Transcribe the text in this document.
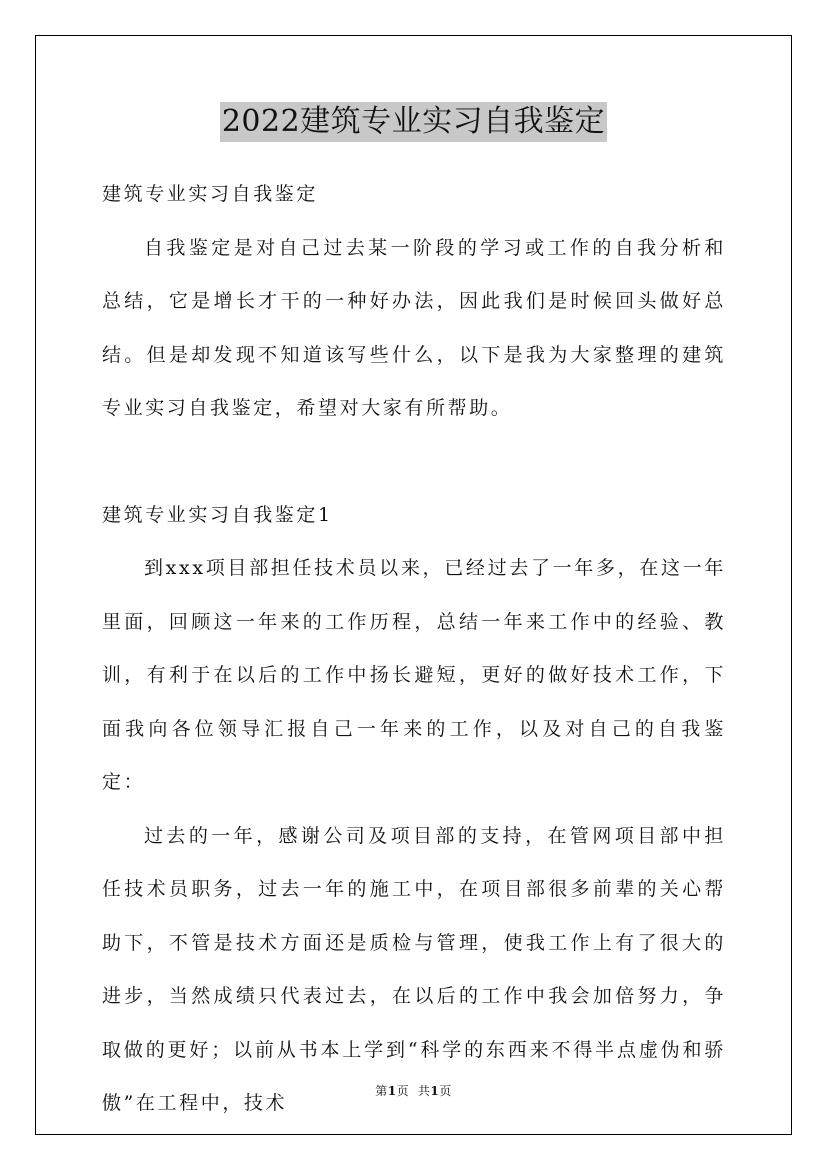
2022建筑专业实习自我鉴定

建筑专业实习自我鉴定

自我鉴定是对自己过去某一阶段的学习或工作的自我分析和总结，它是增长才干的一种好办法，因此我们是时候回头做好总结。但是却发现不知道该写些什么，以下是我为大家整理的建筑专业实习自我鉴定，希望对大家有所帮助。

建筑专业实习自我鉴定1

到xxx项目部担任技术员以来，已经过去了一年多，在这一年里面，回顾这一年来的工作历程，总结一年来工作中的经验、教训，有利于在以后的工作中扬长避短，更好的做好技术工作，下面我向各位领导汇报自己一年来的工作，以及对自己的自我鉴定：

过去的一年，感谢公司及项目部的支持，在管网项目部中担任技术员职务，过去一年的施工中，在项目部很多前辈的关心帮助下，不管是技术方面还是质检与管理，使我工作上有了很大的进步，当然成绩只代表过去，在以后的工作中我会加倍努力，争取做的更好；以前从书本上学到“科学的东西来不得半点虚伪和骄傲”在工程中，技术

第1页 共1页
